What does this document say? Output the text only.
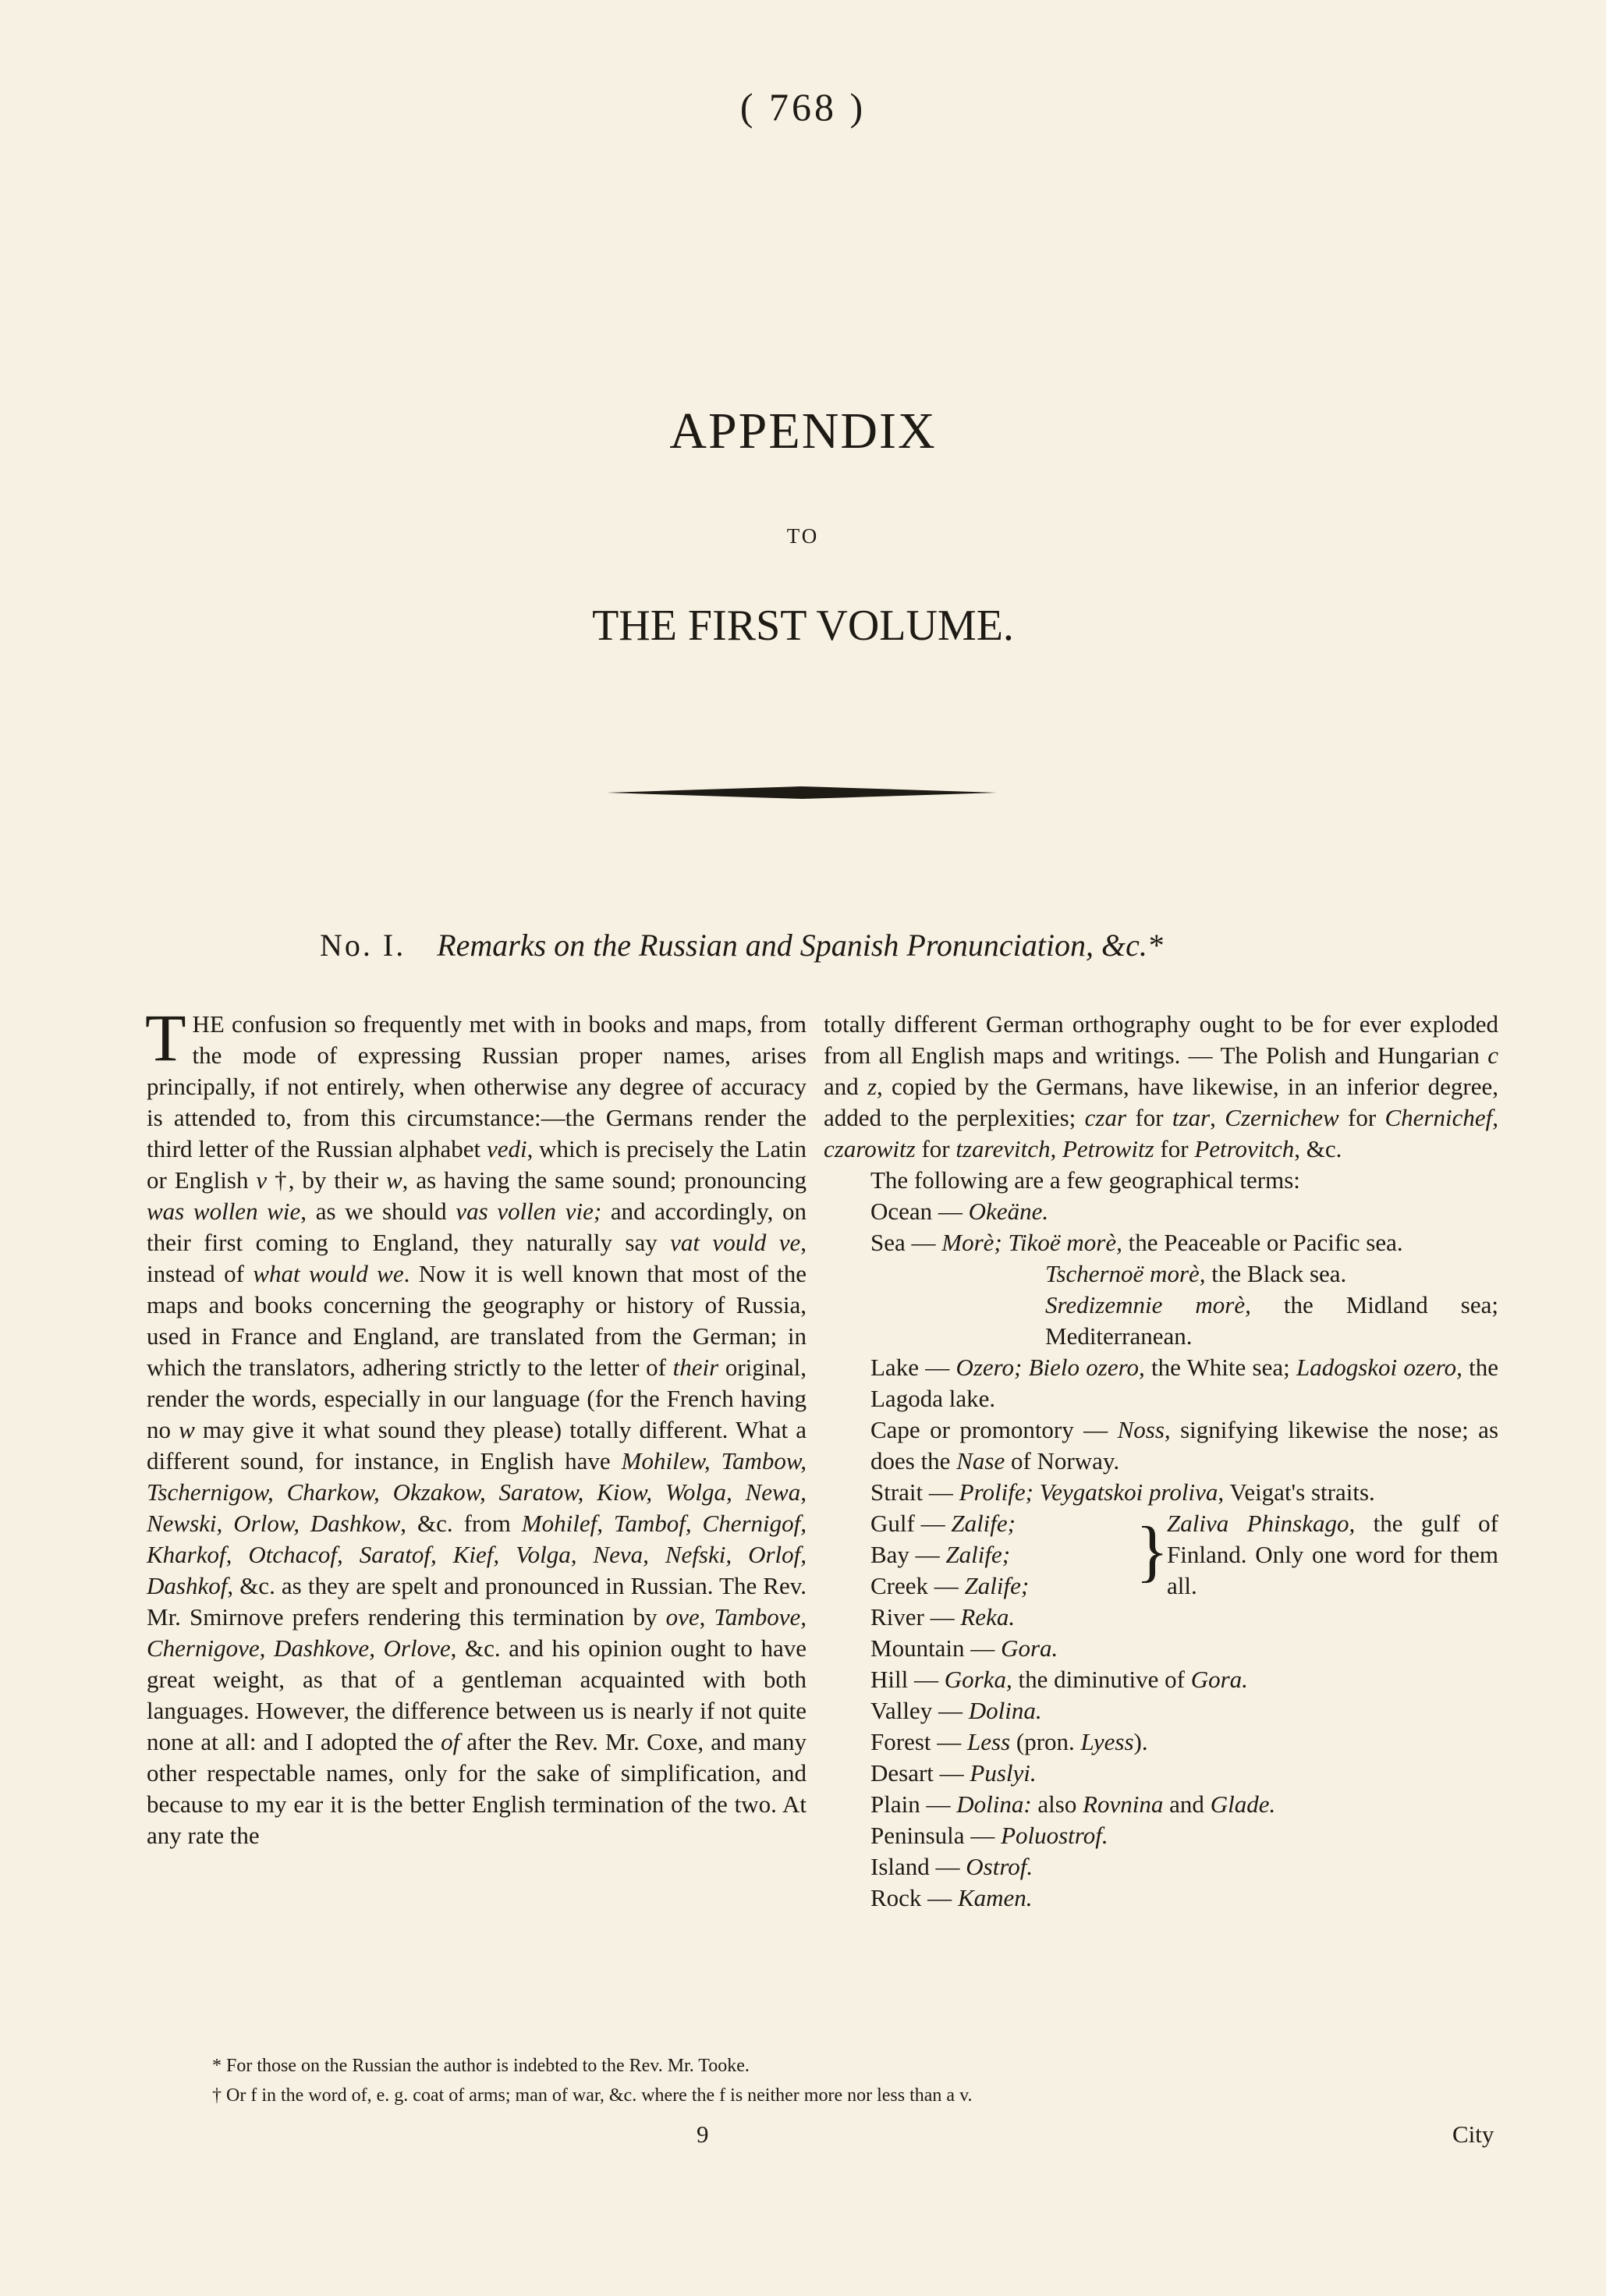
( 768 )
APPENDIX
TO
THE FIRST VOLUME.
No. I. Remarks on the Russian and Spanish Pronunciation, &c.*
THE confusion so frequently met with in books and maps, from the mode of expressing Russian proper names, arises principally, if not entirely, when otherwise any degree of accuracy is attended to, from this circumstance:—the Germans render the third letter of the Russian alphabet vedi, which is precisely the Latin or English v †, by their w, as having the same sound; pronouncing was wollen wie, as we should vas vollen vie; and accordingly, on their first coming to England, they naturally say vat vould ve, instead of what would we. Now it is well known that most of the maps and books concerning the geography or history of Russia, used in France and England, are translated from the German; in which the translators, adhering strictly to the letter of their original, render the words, especially in our language (for the French having no w may give it what sound they please) totally different. What a different sound, for instance, in English have Mohilew, Tambow, Tschernigow, Charkow, Okzakow, Saratow, Kiow, Wolga, Newa, Newski, Orlow, Dashkow, &c. from Mohilef, Tambof, Chernigof, Kharkof, Otchacof, Saratof, Kief, Volga, Neva, Nefski, Orlof, Dashkof, &c. as they are spelt and pronounced in Russian. The Rev. Mr. Smirnove prefers rendering this termination by ove, Tambove, Chernigove, Dashkove, Orlove, &c. and his opinion ought to have great weight, as that of a gentleman acquainted with both languages. However, the difference between us is nearly if not quite none at all: and I adopted the of after the Rev. Mr. Coxe, and many other respectable names, only for the sake of simplification, and because to my ear it is the better English termination of the two. At any rate the

totally different German orthography ought to be for ever exploded from all English maps and writings. — The Polish and Hungarian c and z, copied by the Germans, have likewise, in an inferior degree, added to the perplexities; czar for tzar, Czernichew for Chernichef, czarowitz for tzarevitch, Petrowitz for Petrovitch, &c.

The following are a few geographical terms:

Ocean — Okeäne.
Sea — Morè; Tikoë morè, the Peaceable or Pacific sea.
Tschernoë morè, the Black sea.
Sredizemnie morè, the Midland sea; Mediterranean.
Lake — Ozero; Bielo ozero, the White sea; Ladogskoi ozero, the Lagoda lake.
Cape or promontory — Noss, signifying likewise the nose; as does the Nase of Norway.
Strait — Prolife; Veygatskoi proliva, Veigat's straits.
Gulf — Zalife;
Bay — Zalife;
Creek — Zalife;	}
Zaliva Phinskago, the gulf of Finland. Only one word for them all.
River — Reka.
Mountain — Gora.
Hill — Gorka, the diminutive of Gora.
Valley — Dolina.
Forest — Less (pron. Lyess).
Desart — Puslyi.
Plain — Dolina: also Rovnina and Glade.
Peninsula — Poluostrof.
Island — Ostrof.
Rock — Kamen.
* For those on the Russian the author is indebted to the Rev. Mr. Tooke.
† Or f in the word of, e. g. coat of arms; man of war, &c. where the f is neither more nor less than a v.
9	City
